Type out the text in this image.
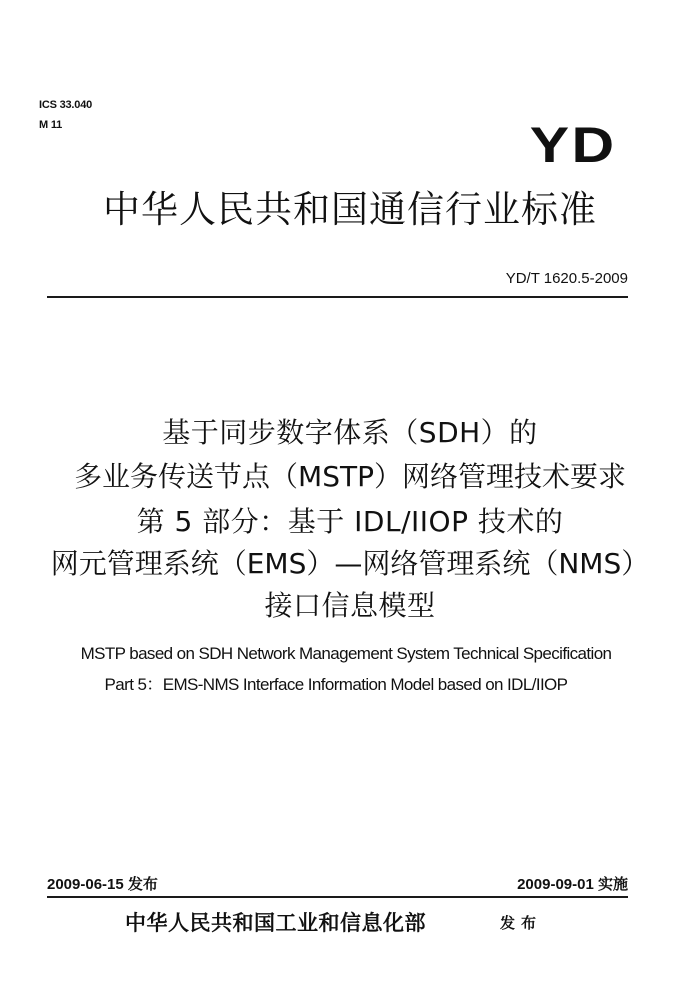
ICS 33.040
M 11	YD
中华人民共和国通信行业标准
YD/T 1620.5-2009
基于同步数字体系（SDH）的
多业务传送节点（MSTP）网络管理技术要求
第 5 部分：基于 IDL/IIOP 技术的
网元管理系统（EMS）—网络管理系统（NMS）
接口信息模型
MSTP based on SDH Network Management System Technical Specification
Part 5：EMS-NMS Interface Information Model based on IDL/IIOP
2009-06-15 发布	2009-09-01 实施
中华人民共和国工业和信息化部	发布
